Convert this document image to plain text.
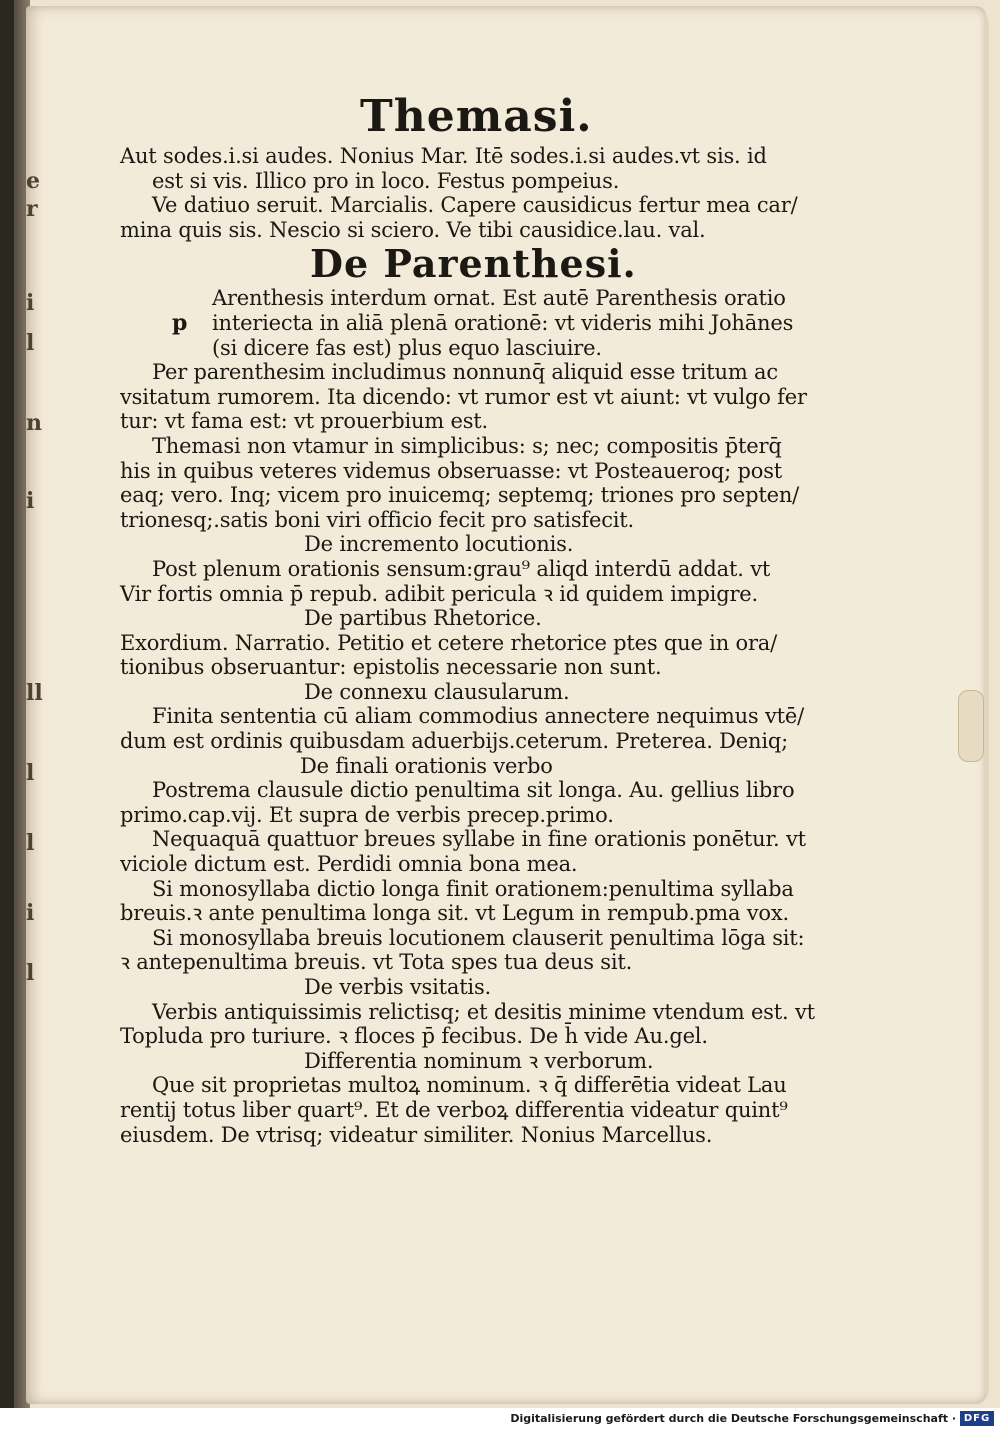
e
r
i
l
n
i
ll
l
l
i
l
Themasi.
Aut sodes.i.si audes. Nonius Mar. Itē sodes.i.si audes.vt sis. id
est si vis. Illico pro in loco. Festus pompeius.
Ve datiuo seruit. Marcialis. Capere causidicus fertur mea car/
mina quis sis. Nescio si sciero. Ve tibi causidice.lau. val.
De Parenthesi.
p
Arenthesis interdum ornat. Est autē Parenthesis oratio
interiecta in aliā plenā orationē: vt videris mihi Johānes
(si dicere fas est) plus equo lasciuire.
Per parenthesim includimus nonnunq̄ aliquid esse tritum ac
vsitatum rumorem. Ita dicendo: vt rumor est vt aiunt: vt vulgo fer
tur: vt fama est: vt prouerbium est.
Themasi non vtamur in simplicibus: s; nec; compositis p̄terq̄
his in quibus veteres videmus obseruasse: vt Posteaueroq; post
eaq; vero. Inq; vicem pro inuicemq; septemq; triones pro septen/
trionesq;.satis boni viri officio fecit pro satisfecit.
De incremento locutionis.
Post plenum orationis sensum:grau⁹ aliqd interdū addat. vt
Vir fortis omnia p̄ repub. adibit pericula ꝛ id quidem impigre.
De partibus Rhetorice.
Exordium. Narratio. Petitio et cetere rhetorice ptes que in ora/
tionibus obseruantur: epistolis necessarie non sunt.
De connexu clausularum.
Finita sententia cū aliam commodius annectere nequimus vtē/
dum est ordinis quibusdam aduerbijs.ceterum. Preterea. Deniq;
De finali orationis verbo
Postrema clausule dictio penultima sit longa. Au. gellius libro
primo.cap.vij. Et supra de verbis precep.primo.
Nequaquā quattuor breues syllabe in fine orationis ponētur. vt
viciole dictum est. Perdidi omnia bona mea.
Si monosyllaba dictio longa finit orationem:penultima syllaba
breuis.ꝛ ante penultima longa sit. vt Legum in rempub.pma vox.
Si monosyllaba breuis locutionem clauserit penultima lōga sit:
ꝛ antepenultima breuis. vt Tota spes tua deus sit.
De verbis vsitatis.
Verbis antiquissimis relictisq; et desitis minime vtendum est. vt
Topluda pro turiure. ꝛ floces p̄ fecibus. De h̄ vide Au.gel.
Differentia nominum ꝛ verborum.
Que sit proprietas multoꝝ nominum. ꝛ q̄ differētia videat Lau
rentij totus liber quart⁹. Et de verboꝝ differentia videatur quint⁹
eiusdem. De vtrisq; videatur similiter. Nonius Marcellus.
Digitalisierung gefördert durch die Deutsche Forschungsgemeinschaft · DFG
